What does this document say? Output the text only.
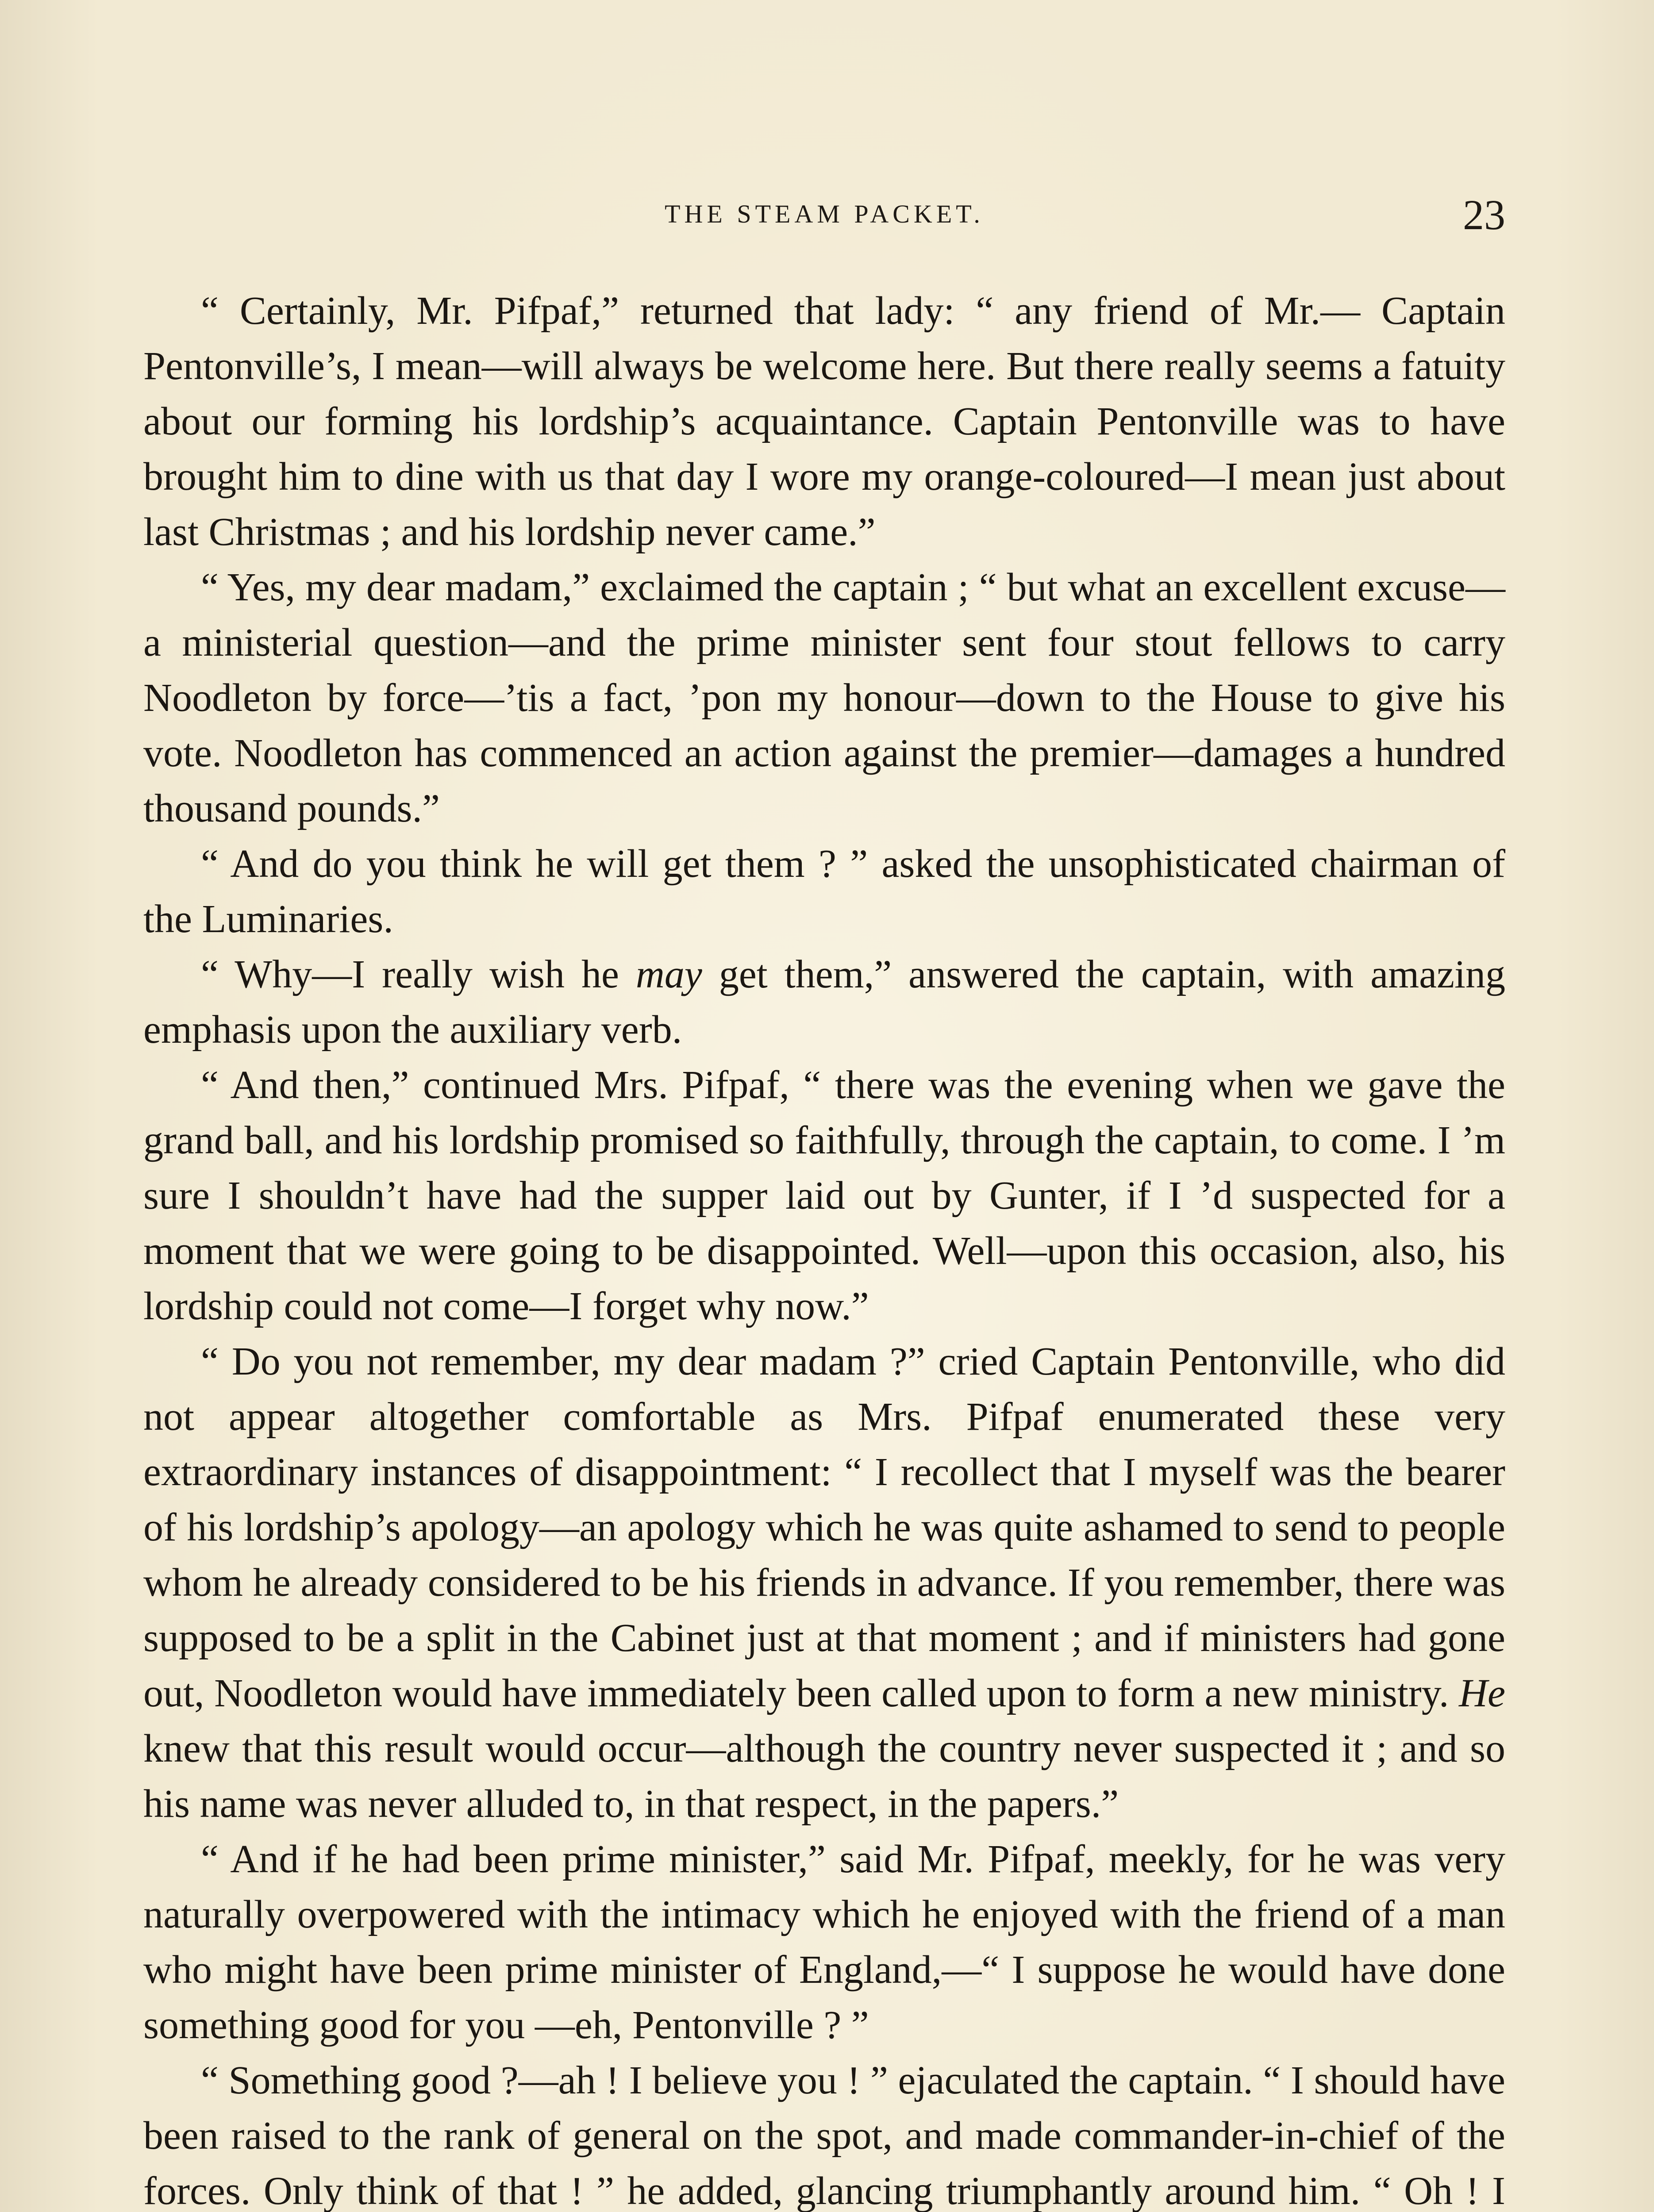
THE STEAM PACKET.	23

“ Certainly, Mr. Pifpaf,” returned that lady: “ any friend of Mr.— Captain Pentonville’s, I mean—will always be welcome here. But there really seems a fatuity about our forming his lordship’s acquaintance. Captain Pentonville was to have brought him to dine with us that day I wore my orange-coloured—I mean just about last Christmas ; and his lordship never came.”

“ Yes, my dear madam,” exclaimed the captain ; “ but what an excellent excuse—a ministerial question—and the prime minister sent four stout fellows to carry Noodleton by force—’tis a fact, ’pon my honour—down to the House to give his vote. Noodleton has commenced an action against the premier—damages a hundred thousand pounds.”

“ And do you think he will get them ? ” asked the unsophisticated chairman of the Luminaries.

“ Why—I really wish he may get them,” answered the captain, with amazing emphasis upon the auxiliary verb.

“ And then,” continued Mrs. Pifpaf, “ there was the evening when we gave the grand ball, and his lordship promised so faithfully, through the captain, to come. I ’m sure I shouldn’t have had the supper laid out by Gunter, if I ’d suspected for a moment that we were going to be disappointed. Well—upon this occasion, also, his lordship could not come—I forget why now.”

“ Do you not remember, my dear madam ?” cried Captain Pentonville, who did not appear altogether comfortable as Mrs. Pifpaf enumerated these very extraordinary instances of disappointment: “ I recollect that I myself was the bearer of his lordship’s apology—an apology which he was quite ashamed to send to people whom he already considered to be his friends in advance. If you remember, there was supposed to be a split in the Cabinet just at that moment ; and if ministers had gone out, Noodleton would have immediately been called upon to form a new ministry. He knew that this result would occur—although the country never suspected it ; and so his name was never alluded to, in that respect, in the papers.”

“ And if he had been prime minister,” said Mr. Pifpaf, meekly, for he was very naturally overpowered with the intimacy which he enjoyed with the friend of a man who might have been prime minister of England,—“ I suppose he would have done something good for you —eh, Pentonville ? ”

“ Something good ?—ah ! I believe you ! ” ejaculated the captain. “ I should have been raised to the rank of general on the spot, and made commander-in-chief of the forces. Only think of that ! ” he added, glancing triumphantly around him. “ Oh ! I
